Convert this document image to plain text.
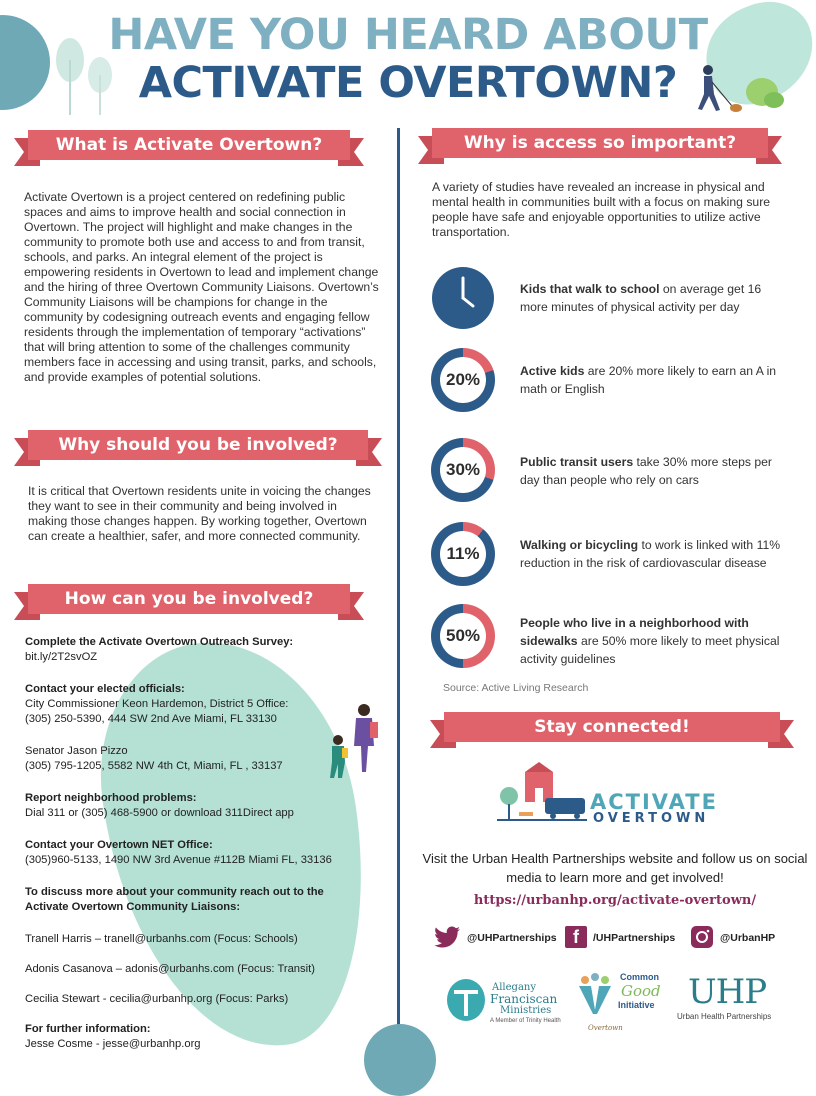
HAVE YOU HEARD ABOUT
ACTIVATE OVERTOWN?
What is Activate Overtown?
Activate Overtown is a project centered on redefining public spaces and aims to improve health and social connection in Overtown. The project will highlight and make changes in the community to promote both use and access to and from transit, schools, and parks. An integral element of the project is empowering residents in Overtown to lead and implement change and the hiring of three Overtown Community Liaisons. Overtown’s Community Liaisons will be champions for change in the community by codesigning outreach events and engaging fellow residents through the implementation of temporary “activations” that will bring attention to some of the challenges community members face in accessing and using transit, parks, and schools, and provide examples of potential solutions.
Why should you be involved?
It is critical that Overtown residents unite in voicing the changes they want to see in their community and being involved in making those changes happen. By working together, Overtown can create a healthier, safer, and more connected community.
How can you be involved?
Complete the Activate Overtown Outreach Survey:
bit.ly/2T2svOZ
Contact your elected officials:
City Commissioner Keon Hardemon, District 5 Office:
(305) 250-5390, 444 SW 2nd Ave Miami, FL 33130
Senator Jason Pizzo
(305) 795-1205, 5582 NW 4th Ct, Miami, FL , 33137
Report neighborhood problems:
Dial 311 or (305) 468-5900 or download 311Direct app
Contact your Overtown NET Office:
(305)960-5133, 1490 NW 3rd Avenue #112B Miami FL, 33136
To discuss more about your community reach out to the
Activate Overtown Community Liaisons:
Tranell Harris – tranell@urbanhs.com (Focus: Schools)
Adonis Casanova – adonis@urbanhs.com (Focus: Transit)
Cecilia Stewart - cecilia@urbanhp.org (Focus: Parks)
For further information:
Jesse Cosme - jesse@urbanhp.org
Why is access so important?
A variety of studies have revealed an increase in physical and mental health in communities built with a focus on making sure people have safe and enjoyable opportunities to utilize active transportation.
Kids that walk to school on average get 16 more minutes of physical activity per day
20%	Active kids are 20% more likely to earn an A in math or English
30%	Public transit users take 30% more steps per day than people who rely on cars
11%	Walking or bicycling to work is linked with 11% reduction in the risk of cardiovascular disease
50%
People who live in a neighborhood with sidewalks are 50% more likely to meet physical activity guidelines
Source: Active Living Research
Stay connected!
ACTIVATE
OVERTOWN
Visit the Urban Health Partnerships website and follow us on social media to learn more and get involved!
https://urbanhp.org/activate-overtown/
@UHPartnerships f	/UHPartnerships	@UrbanHP
Allegany
Franciscan
Ministries
A Member of Trinity Health
Common
Good
Initiative
Overtown
UHP
Urban Health Partnerships
